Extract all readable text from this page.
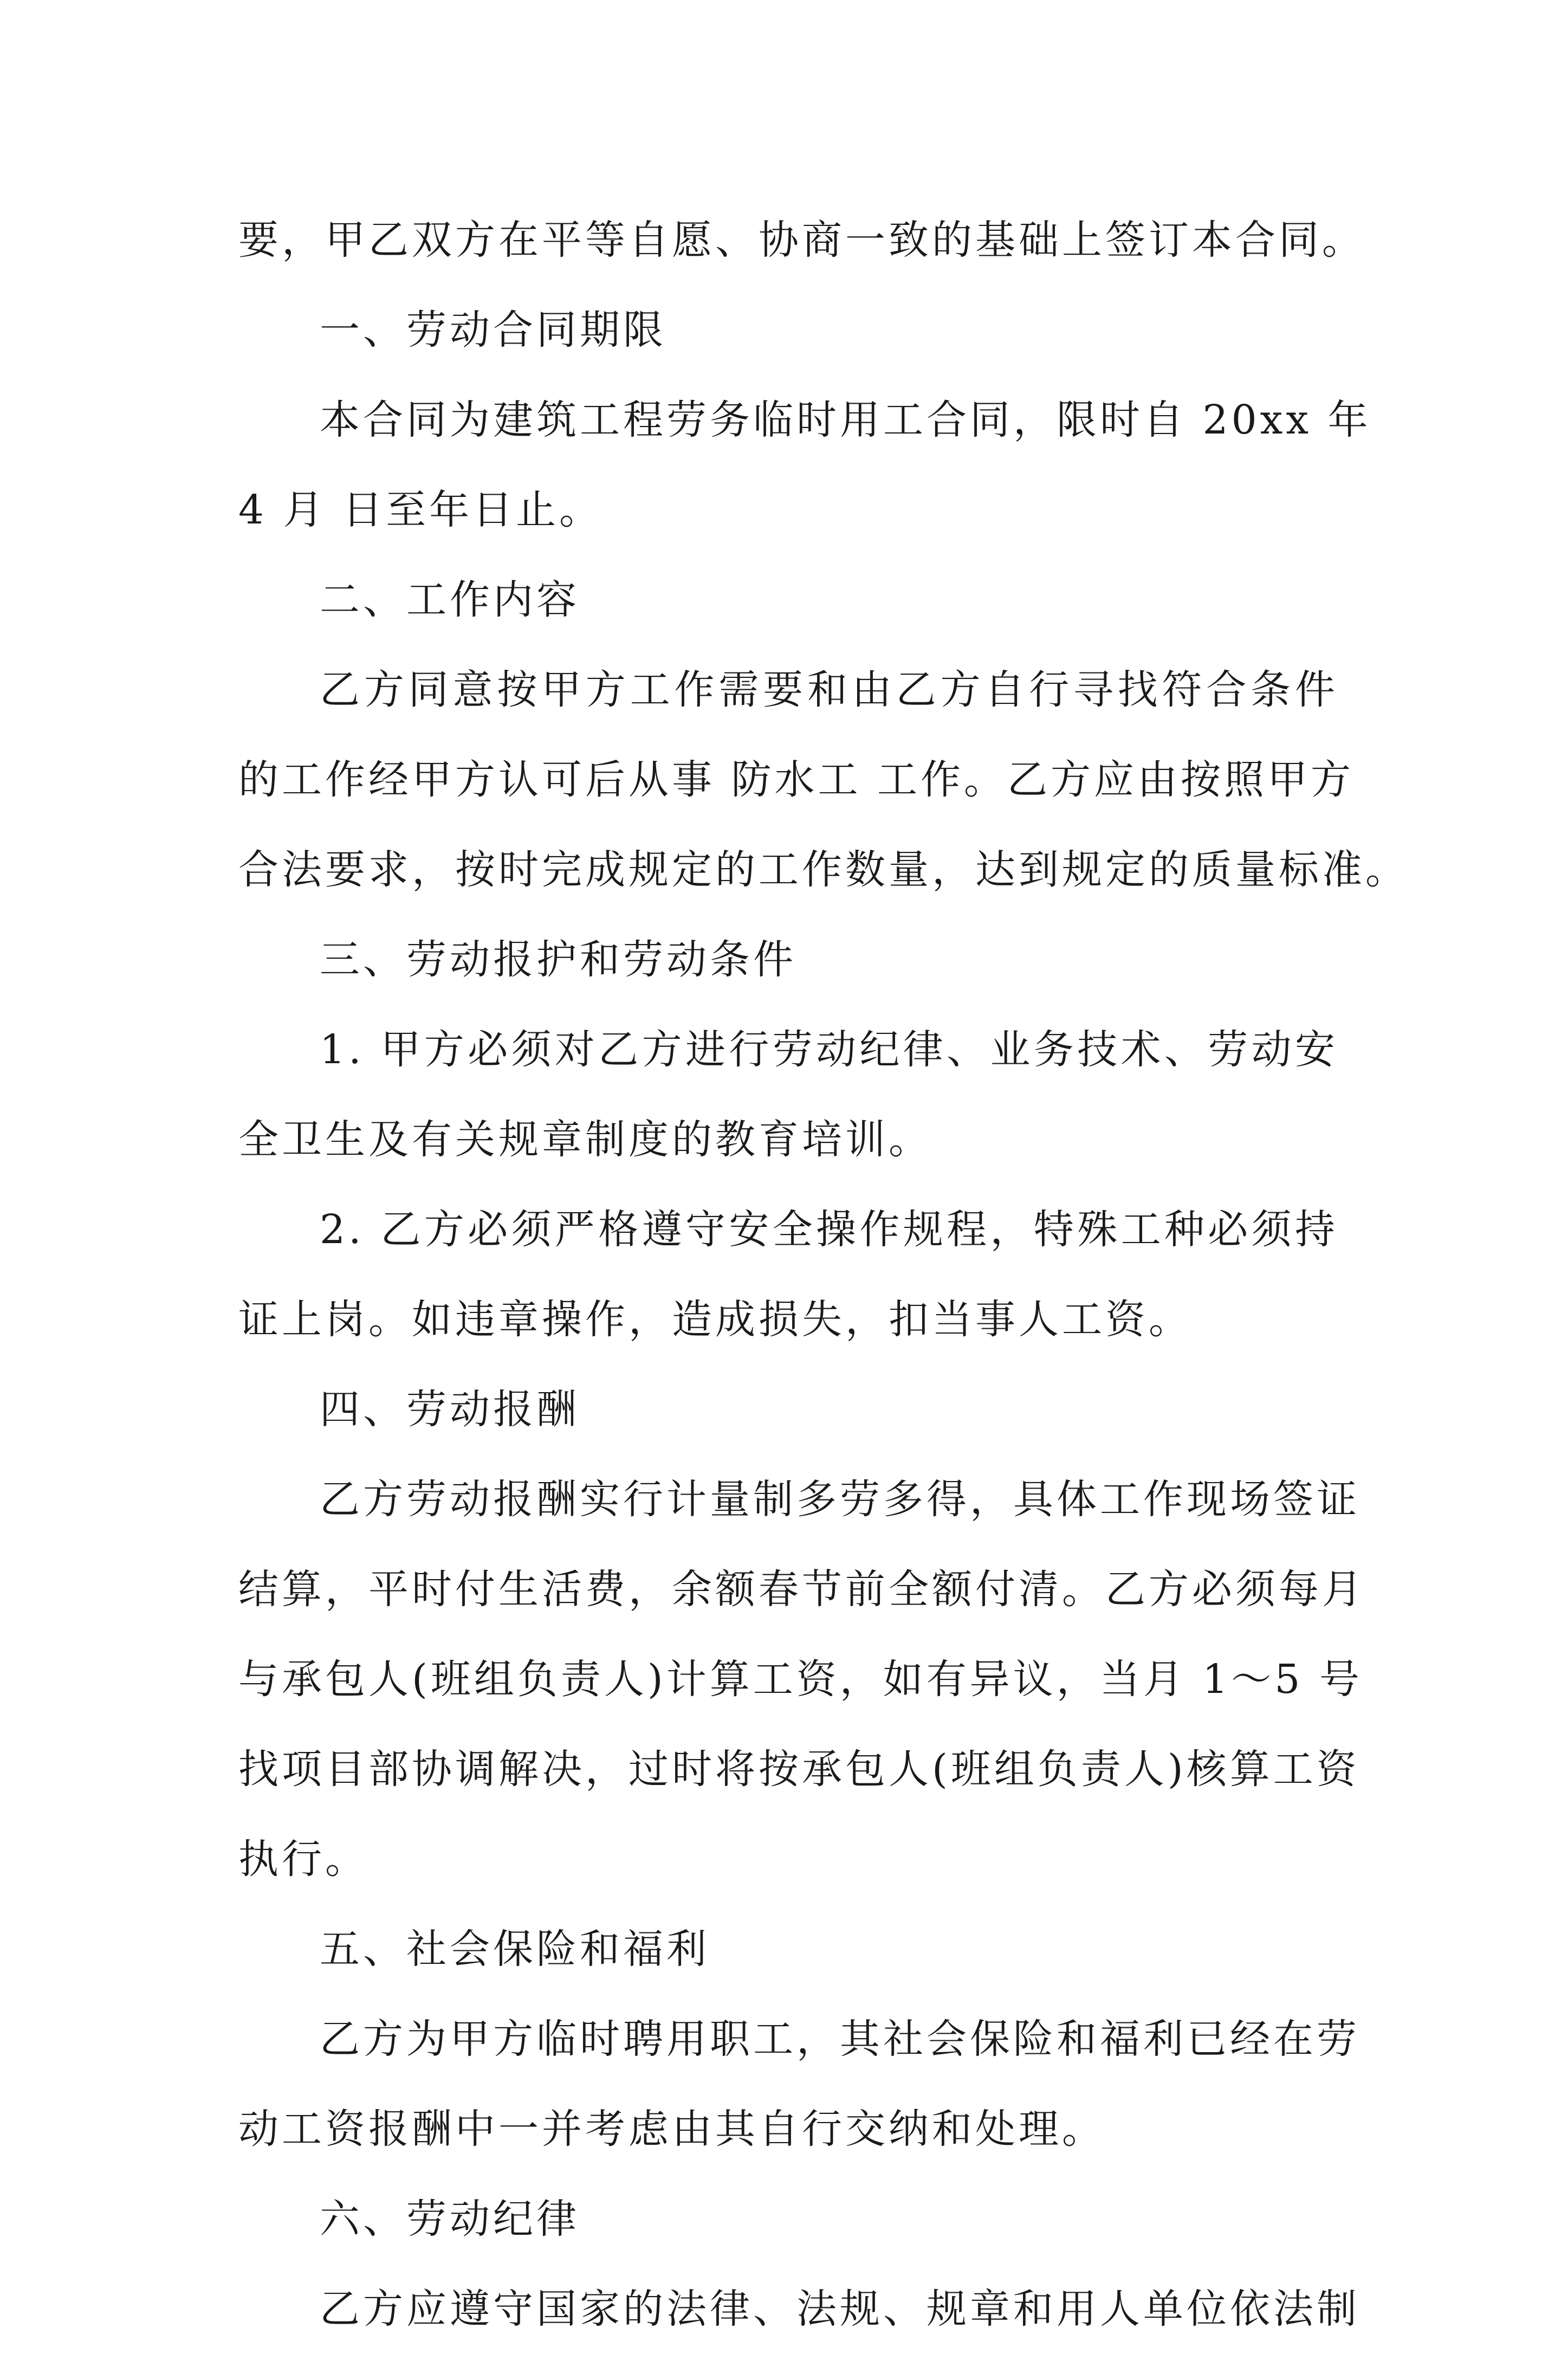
要，甲乙双方在平等自愿、协商一致的基础上签订本合同。
一、劳动合同期限
本合同为建筑工程劳务临时用工合同，限时自 20xx 年
4 月 日至年日止。
二、工作内容
乙方同意按甲方工作需要和由乙方自行寻找符合条件
的工作经甲方认可后从事 防水工 工作。乙方应由按照甲方
合法要求，按时完成规定的工作数量，达到规定的质量标准。
三、劳动报护和劳动条件
1. 甲方必须对乙方进行劳动纪律、业务技术、劳动安
全卫生及有关规章制度的教育培训。
2. 乙方必须严格遵守安全操作规程，特殊工种必须持
证上岗。如违章操作，造成损失，扣当事人工资。
四、劳动报酬
乙方劳动报酬实行计量制多劳多得，具体工作现场签证
结算，平时付生活费，余额春节前全额付清。乙方必须每月
与承包人(班组负责人)计算工资，如有异议，当月 1～5 号
找项目部协调解决，过时将按承包人(班组负责人)核算工资
执行。
五、社会保险和福利
乙方为甲方临时聘用职工，其社会保险和福利已经在劳
动工资报酬中一并考虑由其自行交纳和处理。
六、劳动纪律
乙方应遵守国家的法律、法规、规章和用人单位依法制
